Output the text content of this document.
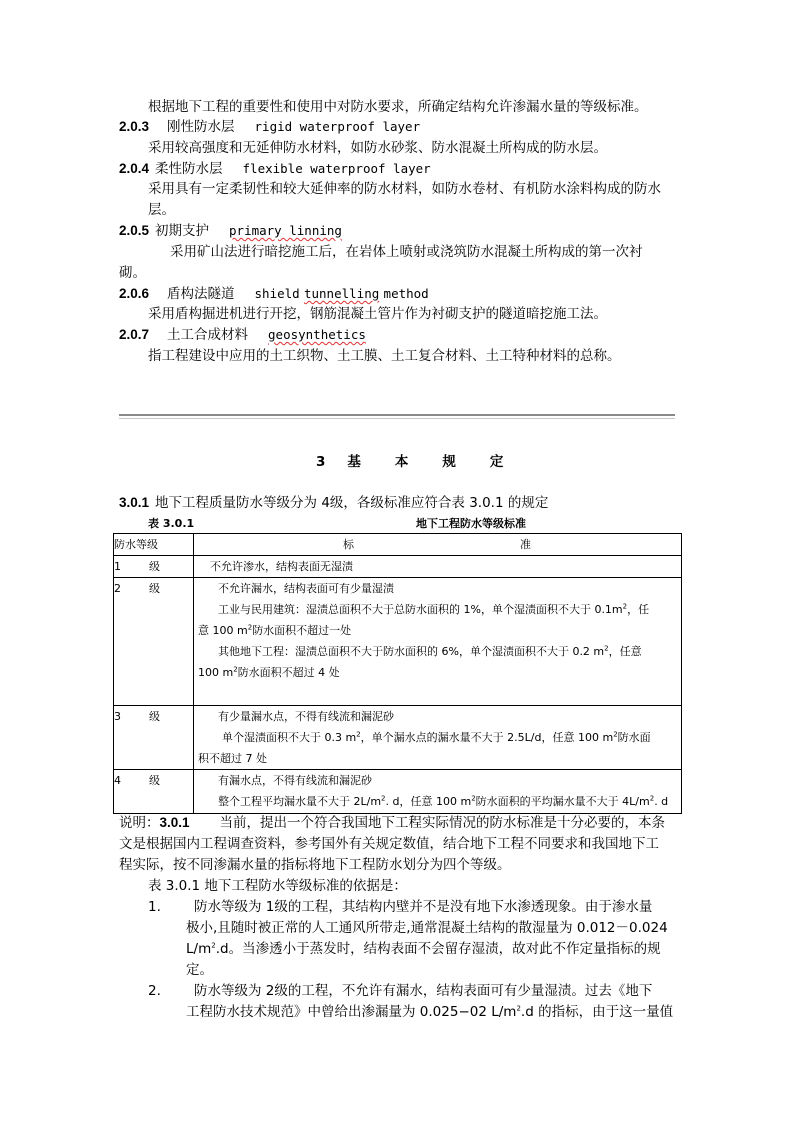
根据地下工程的重要性和使用中对防水要求，所确定结构允许渗漏水量的等级标准。
2.0.3 刚性防水层 rigid waterproof layer
采用较高强度和无延伸防水材料，如防水砂浆、防水混凝土所构成的防水层。
2.0.4 柔性防水层 flexible waterproof layer
采用具有一定柔韧性和较大延伸率的防水材料，如防水卷材、有机防水涂料构成的防水
层。
2.0.5 初期支护 primary linning
采用矿山法进行暗挖施工后，在岩体上喷射或浇筑防水混凝土所构成的第一次衬
砌。
2.0.6 盾构法隧道 shield tunnelling method
采用盾构掘进机进行开挖，钢筋混凝土管片作为衬砌支护的隧道暗挖施工法。
2.0.7 土工合成材料 geosynthetics
指工程建设中应用的土工织物、土工膜、土工复合材料、土工特种材料的总称。
3 基	本	规	定
3.0.1 地下工程质量防水等级分为 4级，各级标准应符合表 3.0.1 的规定
表 3.0.1	地下工程防水等级标准
防水等级	标 准
1 级	不允许渗水，结构表面无湿渍
2 级	不允许漏水，结构表面可有少量湿渍
工业与民用建筑：湿渍总面积不大于总防水面积的 1%，单个湿渍面积不大于 $0.1m^2$，任
意 100 $m^2$防水面积不超过一处
其他地下工程：湿渍总面积不大于防水面积的 6%，单个湿渍面积不大于 0.2 $m^2$，任意
100 $m^2$防水面积不超过 4 处

3 级	有少量漏水点，不得有线流和漏泥砂
单个湿渍面积不大于 0.3 $m^2$，单个漏水点的漏水量不大于 2.5L/d，任意 100 $m^2$防水面
积不超过 7 处

4 级	有漏水点，不得有线流和漏泥砂
整个工程平均漏水量不大于 $2L/m^2$. d，任意 100 $m^2$防水面积的平均漏水量不大于 $4L/m^2$. d
说明：3.0.1 当前，提出一个符合我国地下工程实际情况的防水标准是十分必要的，本条
文是根据国内工程调查资料，参考国外有关规定数值，结合地下工程不同要求和我国地下工
程实际，按不同渗漏水量的指标将地下工程防水划分为四个等级。
表 3.0.1 地下工程防水等级标准的依据是：
1. 防水等级为 1级的工程，其结构内壁并不是没有地下水渗透现象。由于渗水量
极小,且随时被正常的人工通风所带走,通常混凝土结构的散湿量为 0.012－0.024
$L/m^2.d$。当渗透小于蒸发时，结构表面不会留存湿渍，故对此不作定量指标的规
定。
2. 防水等级为 2级的工程，不允许有漏水，结构表面可有少量湿渍。过去《地下
工程防水技术规范》中曾给出渗漏量为 0.025−02 $L/m^2.d$ 的指标，由于这一量值
